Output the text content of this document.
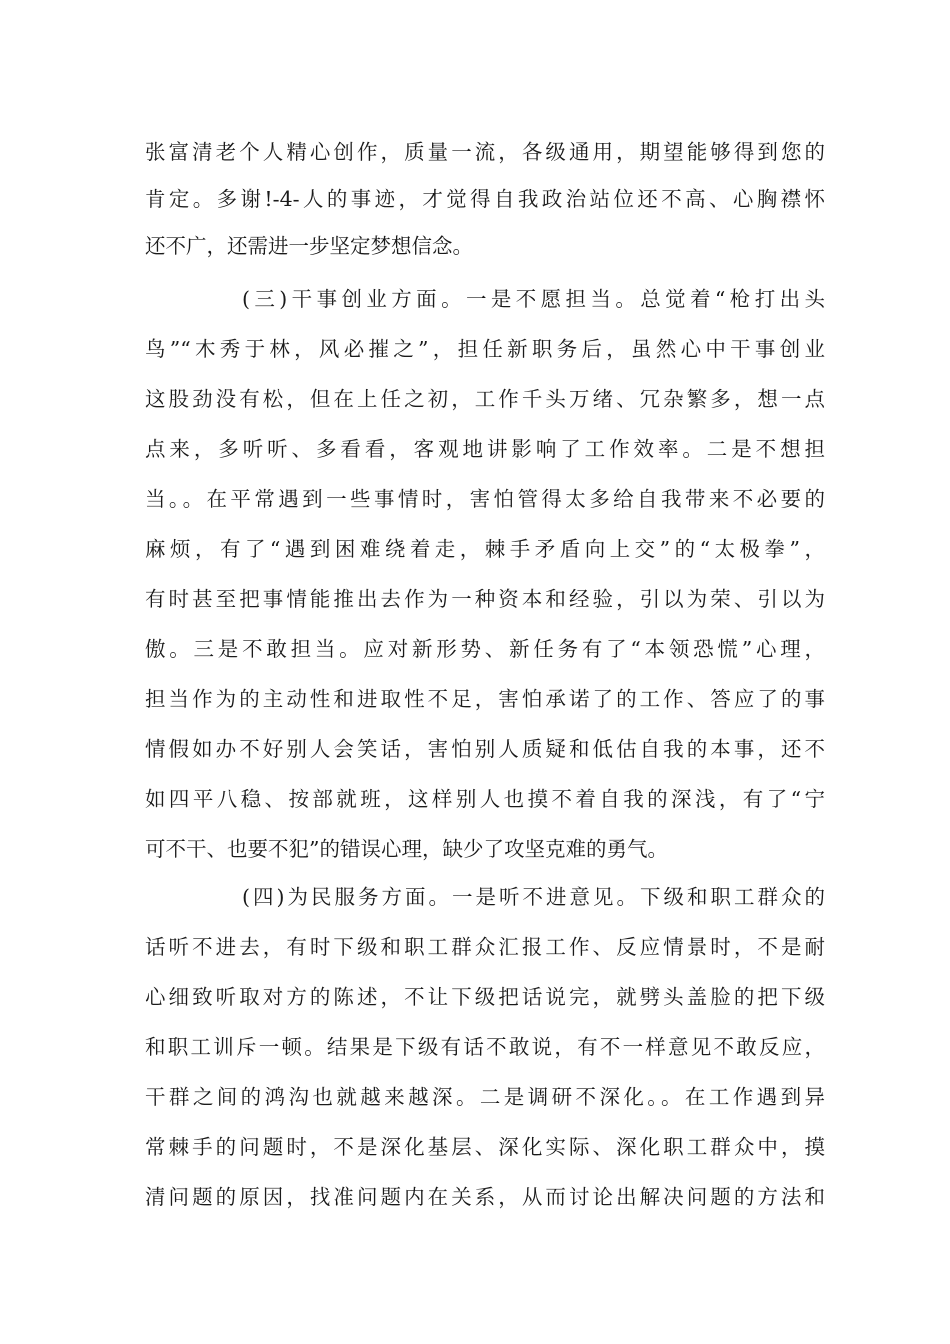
张富清老个人精心创作，质量一流，各级通用，期望能够得到您的
肯定。多谢!-4-人的事迹，才觉得自我政治站位还不高、心胸襟怀
还不广，还需进一步坚定梦想信念。
(三)干事创业方面。一是不愿担当。总觉着“枪打出头
鸟”“木秀于林，风必摧之”，担任新职务后，虽然心中干事创业
这股劲没有松，但在上任之初，工作千头万绪、冗杂繁多，想一点
点来，多听听、多看看，客观地讲影响了工作效率。二是不想担
当。。在平常遇到一些事情时，害怕管得太多给自我带来不必要的
麻烦，有了“遇到困难绕着走，棘手矛盾向上交”的“太极拳”，
有时甚至把事情能推出去作为一种资本和经验，引以为荣、引以为
傲。三是不敢担当。应对新形势、新任务有了“本领恐慌”心理，
担当作为的主动性和进取性不足，害怕承诺了的工作、答应了的事
情假如办不好别人会笑话，害怕别人质疑和低估自我的本事，还不
如四平八稳、按部就班，这样别人也摸不着自我的深浅，有了“宁
可不干、也要不犯”的错误心理，缺少了攻坚克难的勇气。
(四)为民服务方面。一是听不进意见。下级和职工群众的
话听不进去，有时下级和职工群众汇报工作、反应情景时，不是耐
心细致听取对方的陈述，不让下级把话说完，就劈头盖脸的把下级
和职工训斥一顿。结果是下级有话不敢说，有不一样意见不敢反应，
干群之间的鸿沟也就越来越深。二是调研不深化。。在工作遇到异
常棘手的问题时，不是深化基层、深化实际、深化职工群众中，摸
清问题的原因，找准问题内在关系，从而讨论出解决问题的方法和
